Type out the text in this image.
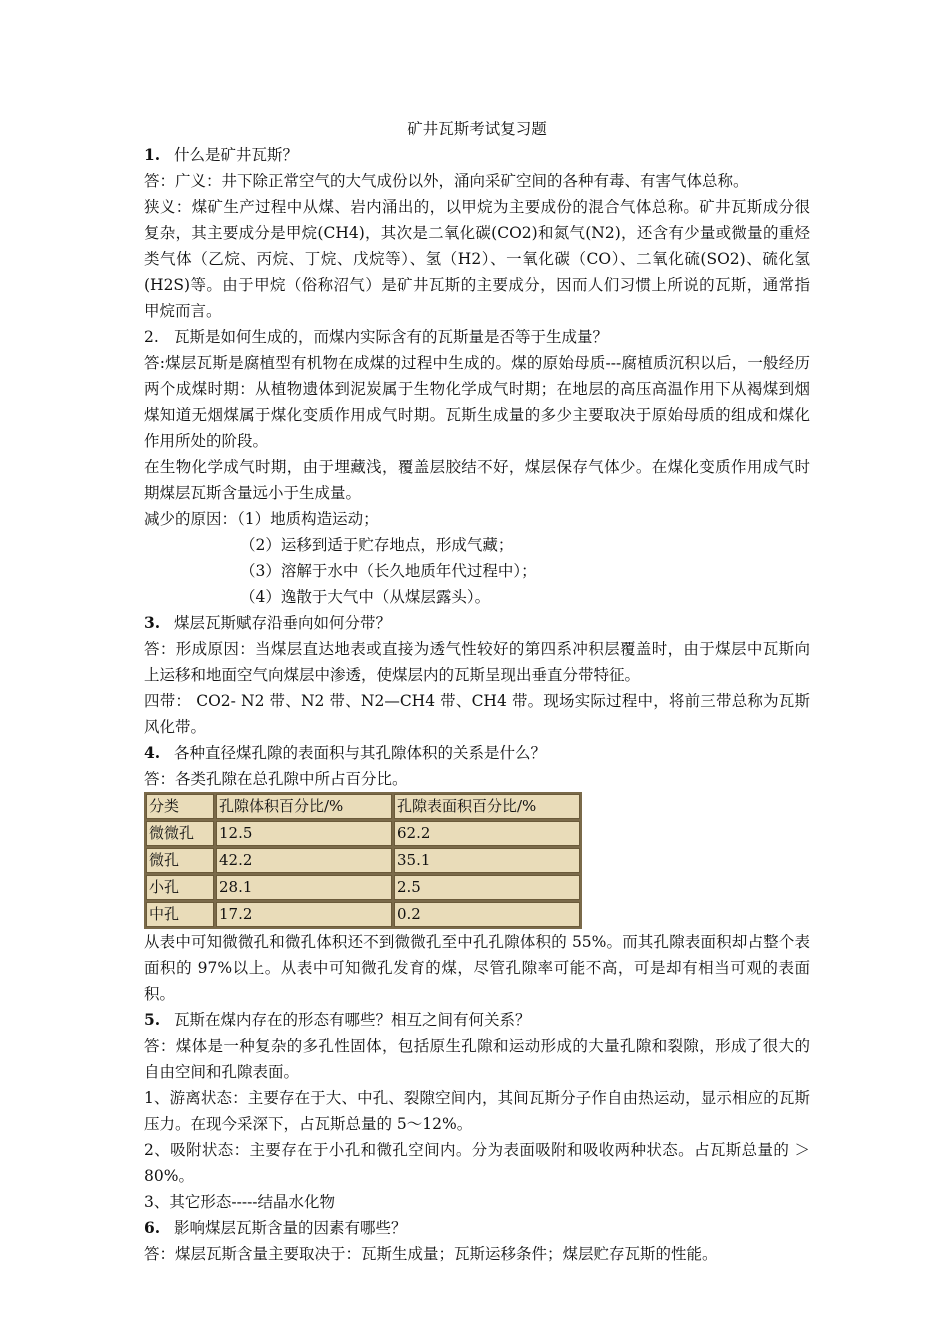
矿井瓦斯考试复习题

1. 什么是矿井瓦斯？

答：广义：井下除正常空气的大气成份以外，涌向采矿空间的各种有毒、有害气体总称。

狭义：煤矿生产过程中从煤、岩内涌出的，以甲烷为主要成份的混合气体总称。矿井瓦斯成分很复杂，其主要成分是甲烷(CH4)，其次是二氧化碳(CO2)和氮气(N2)，还含有少量或微量的重烃类气体（乙烷、丙烷、丁烷、戊烷等）、氢（H2）、一氧化碳（CO）、二氧化硫(SO2)、硫化氢(H2S)等。由于甲烷（俗称沼气）是矿井瓦斯的主要成分，因而人们习惯上所说的瓦斯，通常指甲烷而言。

2. 瓦斯是如何生成的，而煤内实际含有的瓦斯量是否等于生成量？

答:煤层瓦斯是腐植型有机物在成煤的过程中生成的。煤的原始母质---腐植质沉积以后，一般经历两个成煤时期：从植物遗体到泥炭属于生物化学成气时期；在地层的高压高温作用下从褐煤到烟煤知道无烟煤属于煤化变质作用成气时期。瓦斯生成量的多少主要取决于原始母质的组成和煤化作用所处的阶段。

在生物化学成气时期，由于埋藏浅，覆盖层胶结不好，煤层保存气体少。在煤化变质作用成气时期煤层瓦斯含量远小于生成量。

减少的原因：（1）地质构造运动；

（2）运移到适于贮存地点，形成气藏；

（3）溶解于水中（长久地质年代过程中）；

（4）逸散于大气中（从煤层露头）。

3. 煤层瓦斯赋存沿垂向如何分带？

答：形成原因：当煤层直达地表或直接为透气性较好的第四系冲积层覆盖时，由于煤层中瓦斯向上运移和地面空气向煤层中渗透，使煤层内的瓦斯呈现出垂直分带特征。

四带： CO2- N2 带、N2 带、N2—CH4 带、CH4 带。现场实际过程中，将前三带总称为瓦斯风化带。

4. 各种直径煤孔隙的表面积与其孔隙体积的关系是什么？

答：各类孔隙在总孔隙中所占百分比。

分类	孔隙体积百分比/%	孔隙表面积百分比/%
微微孔	12.5	62.2
微孔	42.2	35.1
小孔	28.1	2.5
中孔	17.2	0.2

从表中可知微微孔和微孔体积还不到微微孔至中孔孔隙体积的 55%。而其孔隙表面积却占整个表面积的 97%以上。从表中可知微孔发育的煤，尽管孔隙率可能不高，可是却有相当可观的表面积。

5. 瓦斯在煤内存在的形态有哪些？相互之间有何关系？

答：煤体是一种复杂的多孔性固体，包括原生孔隙和运动形成的大量孔隙和裂隙，形成了很大的自由空间和孔隙表面。

1、游离状态：主要存在于大、中孔、裂隙空间内，其间瓦斯分子作自由热运动，显示相应的瓦斯压力。在现今采深下，占瓦斯总量的 5～12%。

2、吸附状态：主要存在于小孔和微孔空间内。分为表面吸附和吸收两种状态。占瓦斯总量的 ＞80%。

3、其它形态-----结晶水化物

6. 影响煤层瓦斯含量的因素有哪些？

答：煤层瓦斯含量主要取决于：瓦斯生成量；瓦斯运移条件；煤层贮存瓦斯的性能。
